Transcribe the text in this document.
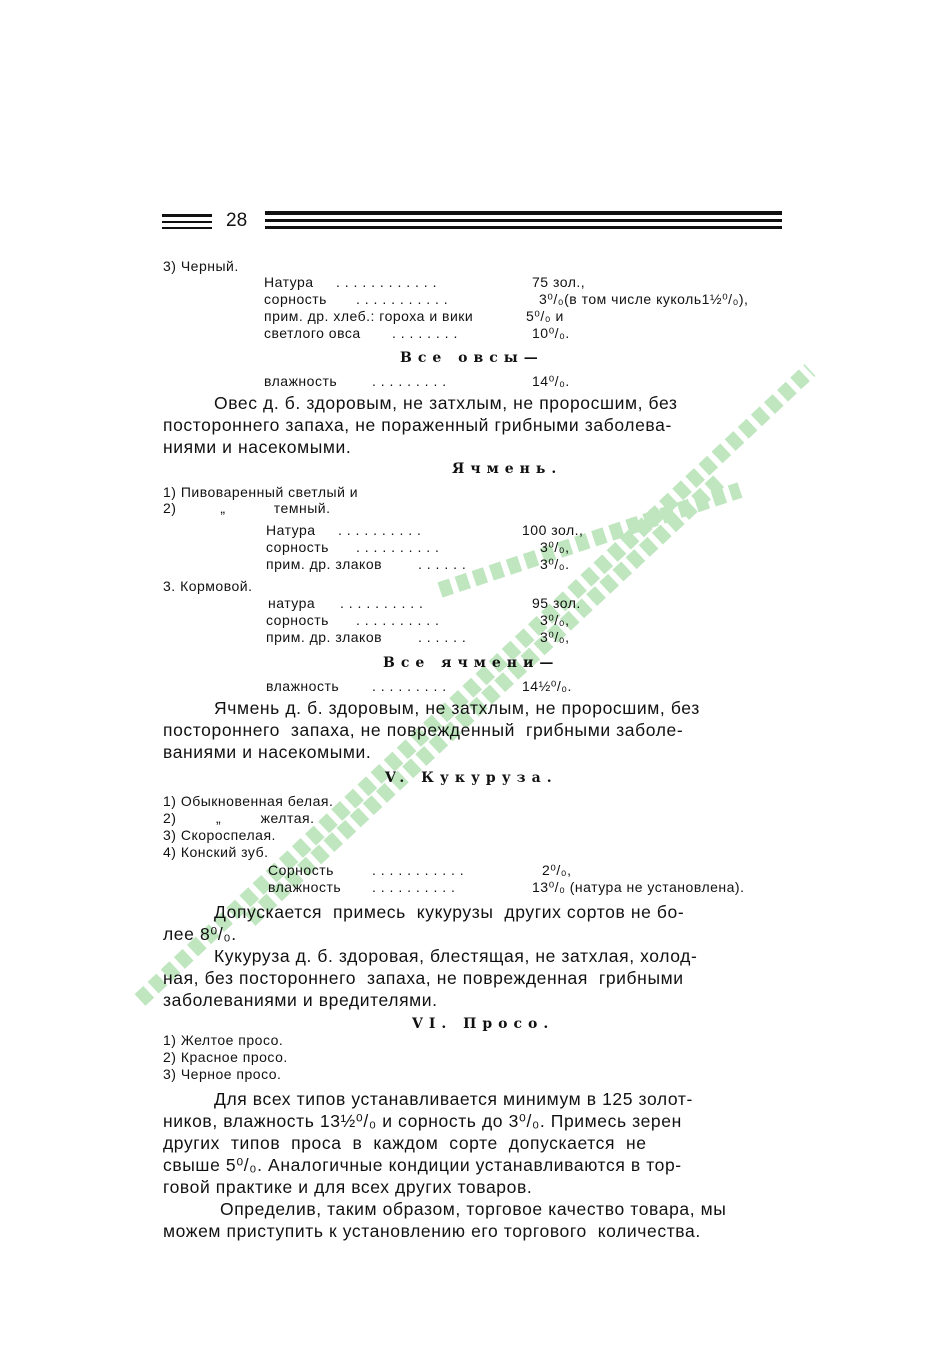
28
3) Черный.
Натура . . . . . . . . . . . .	75 зол.,
сорность . . . . . . . . . . .	3⁰/₀(в том числе куколь1½⁰/₀),
прим. др. хлеб.: гороха и вики	5⁰/₀ и
светлого овса . . . . . . . .	10⁰/₀.
Все овсы—
влажность . . . . . . . . .	14⁰/₀.
Овес д. б. здоровым, не затхлым, не проросшим, без
постороннего запаха, не пораженный грибными заболева-
ниями и насекомыми.
Ячмень.
1) Пивоваренный светлый и
2)          „           темный.
Натура . . . . . . . . . .	100 зол.,
сорность . . . . . . . . . .	3⁰/₀,
прим. др. злаков	. . . . . .	3⁰/₀.
3. Кормовой.
натура . . . . . . . . . .	95 зол.
сорность . . . . . . . . . .	3⁰/₀,
прим. др. злаков	. . . . . .	3⁰/₀,
Все ячмени—
влажность . . . . . . . . .	14½⁰/₀.
Ячмень д. б. здоровым, не затхлым, не проросшим, без
постороннего  запаха, не поврежденный  грибными заболе-
ваниями и насекомыми.
V. Кукуруза.
1) Обыкновенная белая.
2)         „         желтая.
3) Скороспелая.
4) Конский зуб.
Сорность	. . . . . . . . . . .	2⁰/₀,
влажность . . . . . . . . . .	13⁰/₀ (натура не установлена).
Допускается  примесь  кукурузы  других сортов не бо-
лее 8⁰/₀.
Кукуруза д. б. здоровая, блестящая, не затхлая, холод-
ная, без постороннего  запаха, не поврежденная  грибными
заболеваниями и вредителями.
VI. Просо.
1) Желтое просо.
2) Красное просо.
3) Черное просо.
Для всех типов устанавливается минимум в 125 золот-
ников, влажность 13½⁰/₀ и сорность до 3⁰/₀. Примесь зерен
других  типов  проса  в  каждом  сорте  допускается  не
свыше 5⁰/₀. Аналогичные кондиции устанавливаются в тор-
говой практике и для всех других товаров.
Определив, таким образом, торговое качество товара, мы
можем приступить к установлению его торгового  количества.
